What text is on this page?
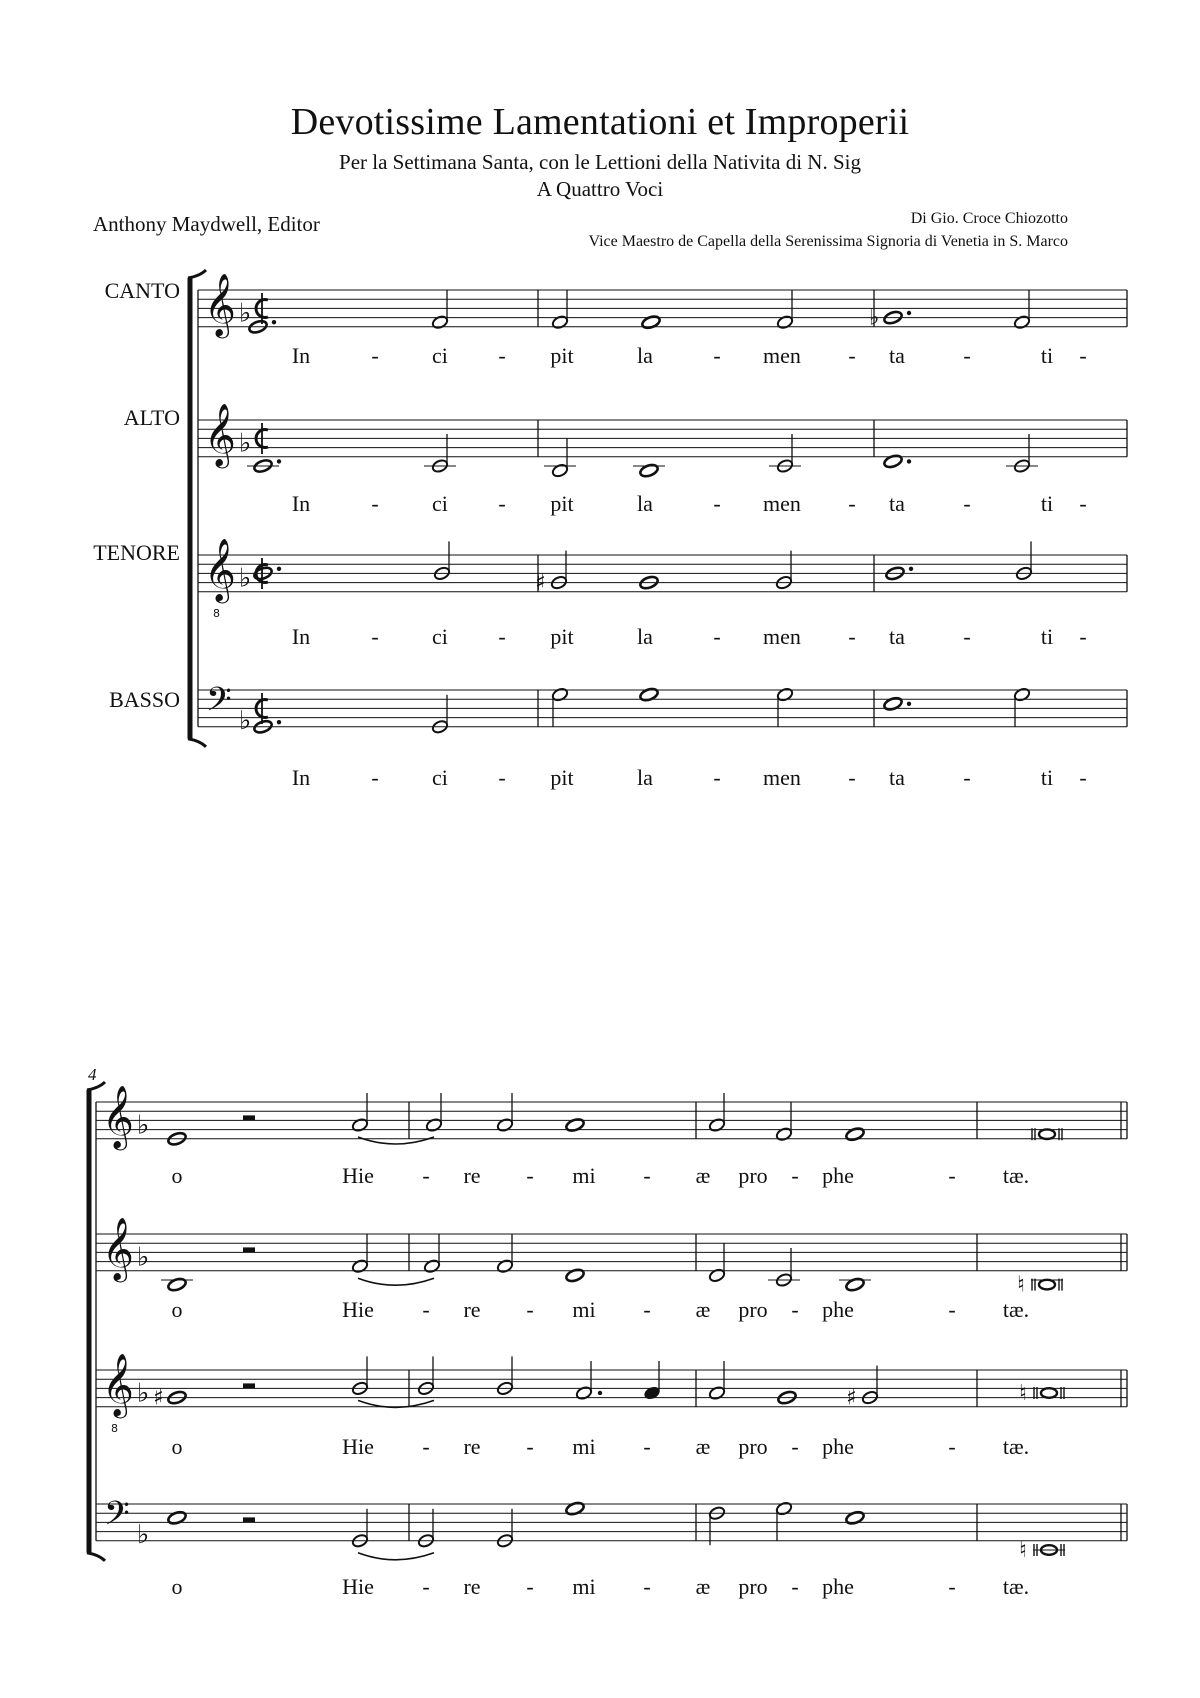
Devotissime Lamentationi et Improperii
Per la Settimana Santa, con le Lettioni della Nativita di N. Sig
A Quattro Voci
Anthony Maydwell, Editor	Di Gio. Croce Chiozotto
Vice Maestro de Capella della Serenissima Signoria di Venetia in S. Marco
𝄞 ♭
CANTO
♭
In	- ci - pit	la	- men - ta	-	ti -
𝄞 ♭
ALTO
In	- ci - pit	la	- men - ta	-	ti -
𝄞
8
♭
TENORE
♯
In	- ci - pit	la	- men - ta	-	ti -
𝄢 ♭
BASSO
In	- ci - pit	la	- men - ta	-	ti -
4
𝄞 ♭
o	Hie - re - mi - æ pro - phe	- tæ.
𝄞 ♭
♮
o	Hie - re - mi - æ pro - phe	- tæ.
𝄞
8
♭ ♯	♯	♮
o	Hie - re - mi - æ pro - phe	- tæ.
𝄢 ♭
♮
o	Hie - re - mi - æ pro - phe	- tæ.
